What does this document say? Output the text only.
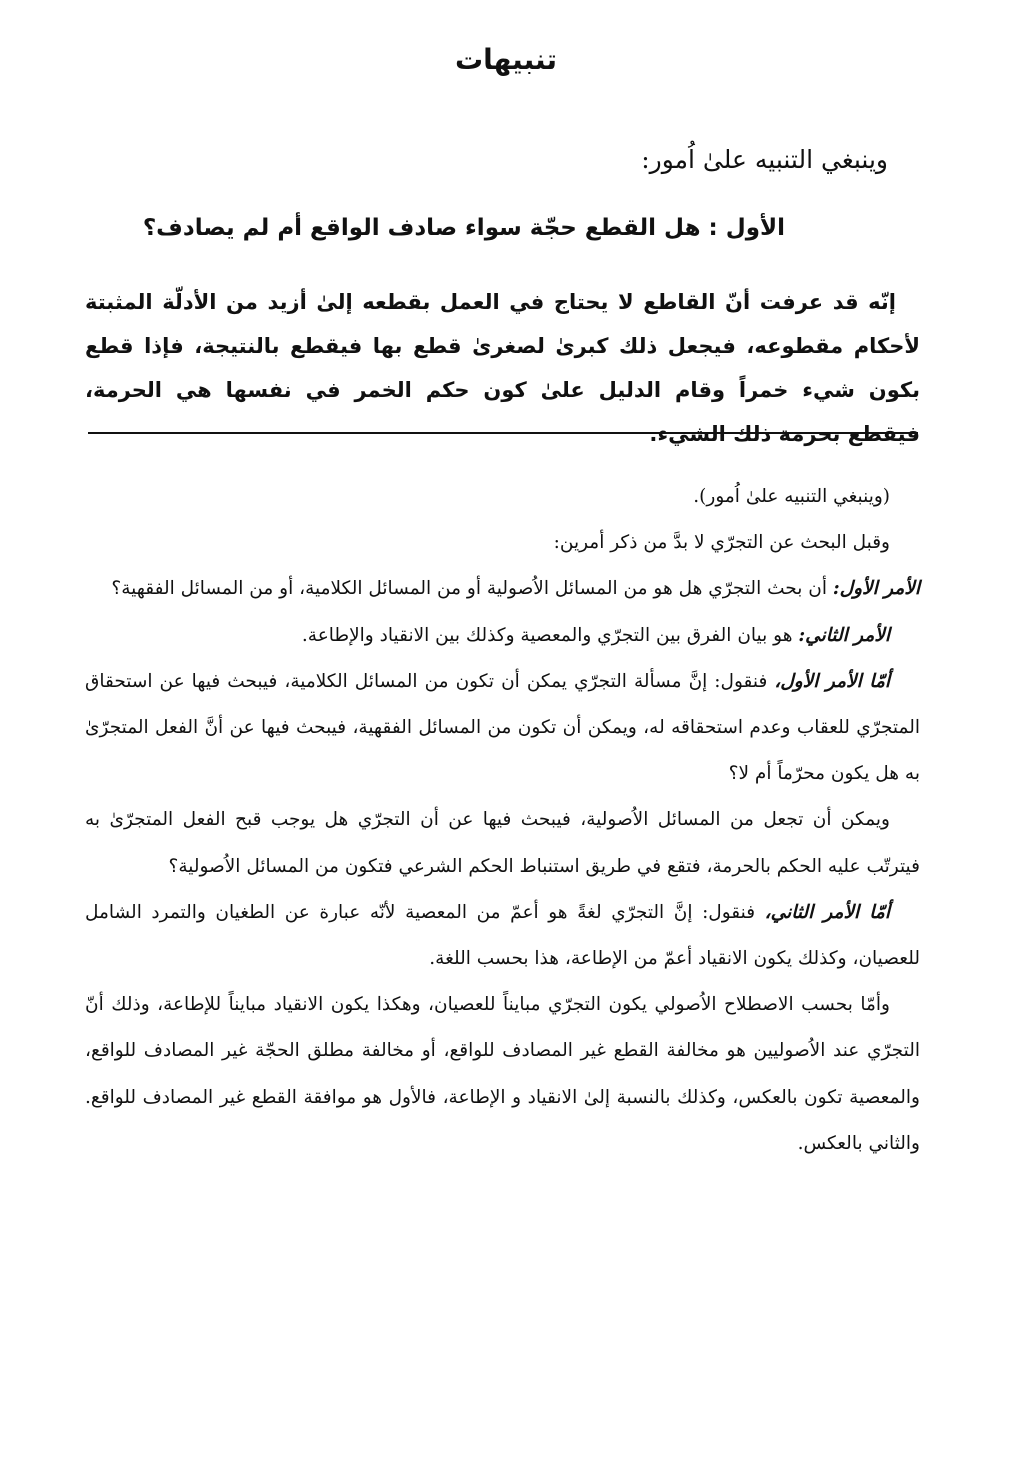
تنبيهات
وينبغي التنبيه علىٰ اُمور:
الأول : هل القطع حجّة سواء صادف الواقع أم لم يصادف؟
إنّه قد عرفت أنّ القاطع لا يحتاج في العمل بقطعه إلىٰ أزيد من الأدلّة المثبتة لأحكام مقطوعه، فيجعل ذلك كبرىٰ لصغرىٰ قطع بها فيقطع بالنتيجة، فإذا قطع بكون شيء خمراً وقام الدليل علىٰ كون حكم الخمر في نفسها هي الحرمة، فيقطع بحرمة ذلك الشيء.

(وينبغي التنبيه علىٰ اُمور).

وقبل البحث عن التجرّي لا بدَّ من ذكر أمرين:

الأمر الأول: أن بحث التجرّي هل هو من المسائل الاُصولية أو من المسائل الكلامية، أو من المسائل الفقهية؟

الأمر الثاني: هو بيان الفرق بين التجرّي والمعصية وكذلك بين الانقياد والإطاعة.

أمّا الأمر الأول، فنقول: إنَّ مسألة التجرّي يمكن أن تكون من المسائل الكلامية، فيبحث فيها عن استحقاق المتجرّي للعقاب وعدم استحقاقه له، ويمكن أن تكون من المسائل الفقهية، فيبحث فيها عن أنَّ الفعل المتجرّىٰ به هل يكون محرّماً أم لا؟

ويمكن أن تجعل من المسائل الاُصولية، فيبحث فيها عن أن التجرّي هل يوجب قبح الفعل المتجرّىٰ به فيترتّب عليه الحكم بالحرمة، فتقع في طريق استنباط الحكم الشرعي فتكون من المسائل الاُصولية؟

أمّا الأمر الثاني، فنقول: إنَّ التجرّي لغةً هو أعمّ من المعصية لأنّه عبارة عن الطغيان والتمرد الشامل للعصيان، وكذلك يكون الانقياد أعمّ من الإطاعة، هذا بحسب اللغة.

وأمّا بحسب الاصطلاح الاُصولي يكون التجرّي مبايناً للعصيان، وهكذا يكون الانقياد مبايناً للإطاعة، وذلك أنّ التجرّي عند الاُصوليين هو مخالفة القطع غير المصادف للواقع، أو مخالفة مطلق الحجّة غير المصادف للواقع، والمعصية تكون بالعكس، وكذلك بالنسبة إلىٰ الانقياد و الإطاعة، فالأول هو موافقة القطع غير المصادف للواقع. والثاني بالعكس.
